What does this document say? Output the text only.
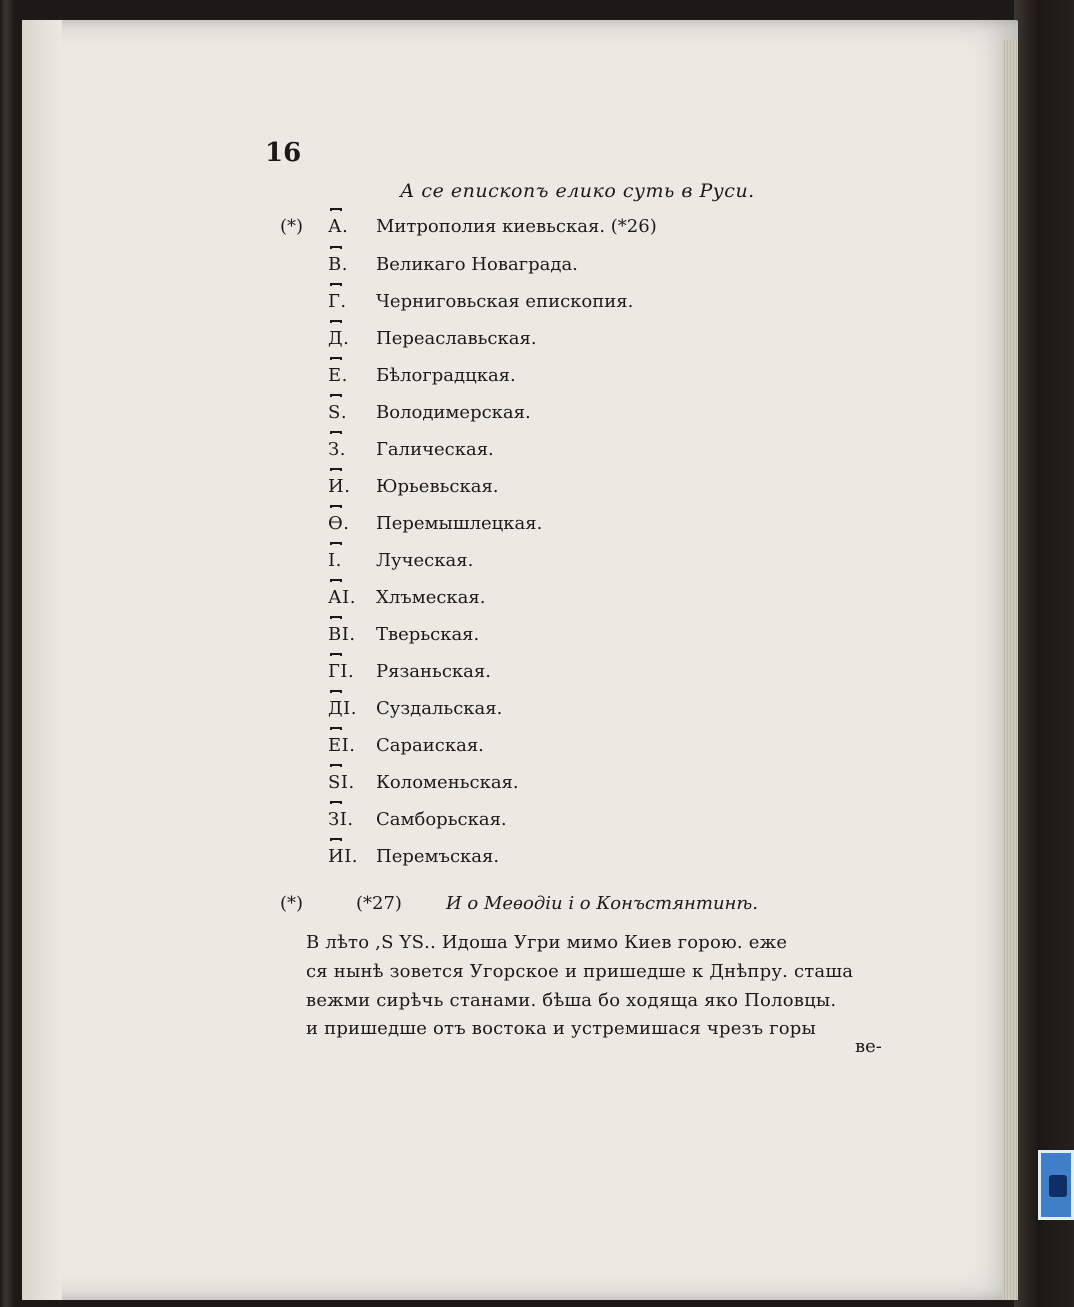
16
А се епископъ елико суть в Руси.
(*)	А. Митрополия киевьская. (*26)
В. Великаго Новаграда.
Г. Черниговьская епископия.
Д. Переаславьская.
Е. Бѣлоградцкая.
Ѕ. Володимерская.
З. Галическая.
И. Юрьевьская.
Ѳ. Перемышлецкая.
І. Луческая.
АІ. Хлъмеская.
ВІ. Тверьская.
ГІ. Рязаньская.
ДІ. Суздальская.
ЕІ. Сараиская.
ЅІ. Коломеньская.
ЗІ. Самборьская.
ИІ. Перемъская.
(*)	(*27) И о Меѳодіи і о Конъстянтинѣ.
В лѣто ,Ѕ ҮЅ.. Идоша Угри мимо Киев горою. еже
ся нынѣ зовется Угорское и пришедше к Днѣпру. сташа
вежми сирѣчь станами. бѣша бо ходяща яко Половцы.
и пришедше отъ востока и устремишася чрезъ горы
ве-
